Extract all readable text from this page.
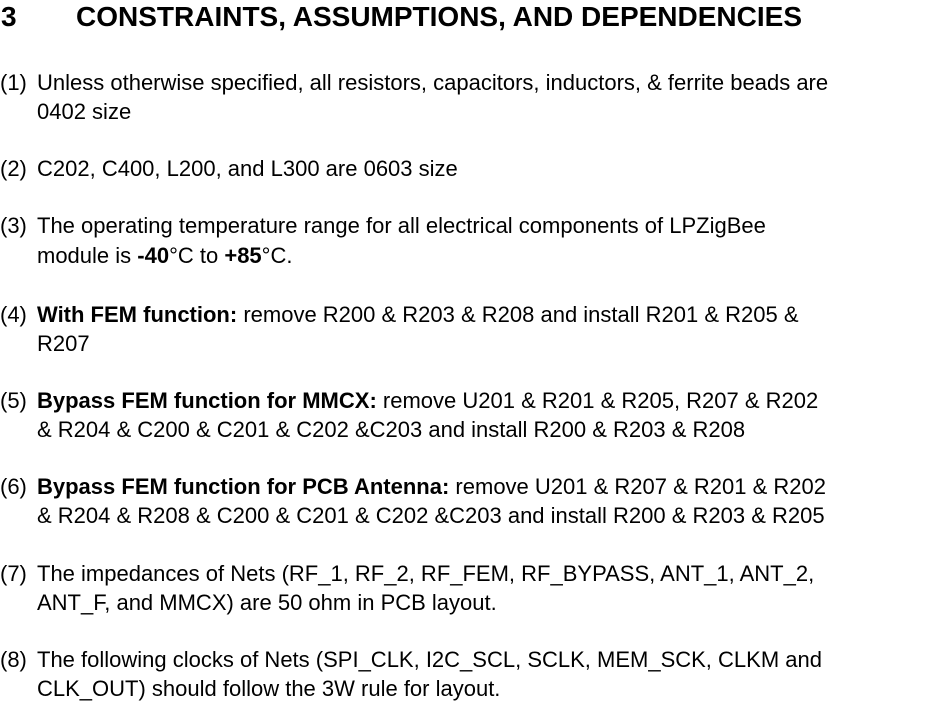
3 CONSTRAINTS, ASSUMPTIONS, AND DEPENDENCIES
(1) Unless otherwise specified, all resistors, capacitors, inductors, & ferrite beads are
0402 size
(2) C202, C400, L200, and L300 are 0603 size
(3) The operating temperature range for all electrical components of LPZigBee
module is -40°C to +85°C.
(4) With FEM function: remove R200 & R203 & R208 and install R201 & R205 &
R207
(5) Bypass FEM function for MMCX: remove U201 & R201 & R205, R207 & R202
& R204 & C200 & C201 & C202 &C203 and install R200 & R203 & R208
(6) Bypass FEM function for PCB Antenna: remove U201 & R207 & R201 & R202
& R204 & R208 & C200 & C201 & C202 &C203 and install R200 & R203 & R205
(7) The impedances of Nets (RF_1, RF_2, RF_FEM, RF_BYPASS, ANT_1, ANT_2,
ANT_F, and MMCX) are 50 ohm in PCB layout.
(8) The following clocks of Nets (SPI_CLK, I2C_SCL, SCLK, MEM_SCK, CLKM and
CLK_OUT) should follow the 3W rule for layout.
